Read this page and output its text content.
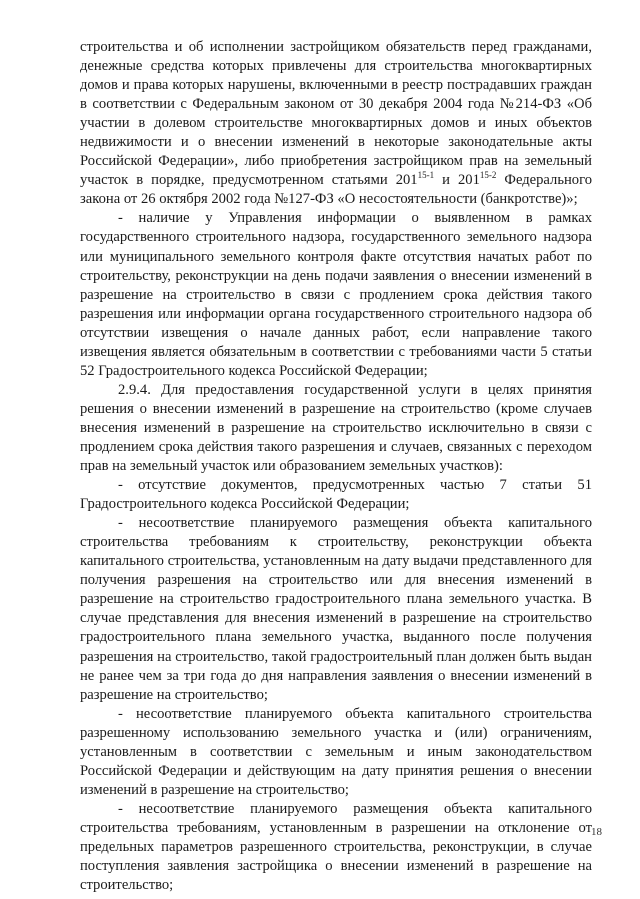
строительства и об исполнении застройщиком обязательств перед гражданами, денежные средства которых привлечены для строительства многоквартирных домов и права которых нарушены, включенными в реестр пострадавших граждан в соответствии с Федеральным законом от 30 декабря 2004 года №214-ФЗ «Об участии в долевом строительстве многоквартирных домов и иных объектов недвижимости и о внесении изменений в некоторые законодательные акты Российской Федерации», либо приобретения застройщиком прав на земельный участок в порядке, предусмотренном статьями 201$^{15-1}$ и 201$^{15-2}$ Федерального закона от 26 октября 2002 года №127-ФЗ «О несостоятельности (банкротстве)»;

- наличие у Управления информации о выявленном в рамках государственного строительного надзора, государственного земельного надзора или муниципального земельного контроля факте отсутствия начатых работ по строительству, реконструкции на день подачи заявления о внесении изменений в разрешение на строительство в связи с продлением срока действия такого разрешения или информации органа государственного строительного надзора об отсутствии извещения о начале данных работ, если направление такого извещения является обязательным в соответствии с требованиями части 5 статьи 52 Градостроительного кодекса Российской Федерации;

2.9.4. Для предоставления государственной услуги в целях принятия решения о внесении изменений в разрешение на строительство (кроме случаев внесения изменений в разрешение на строительство исключительно в связи с продлением срока действия такого разрешения и случаев, связанных с переходом прав на земельный участок или образованием земельных участков):

- отсутствие документов, предусмотренных частью 7 статьи 51 Градостроительного кодекса Российской Федерации;

- несоответствие планируемого размещения объекта капитального строительства требованиям к строительству, реконструкции объекта капитального строительства, установленным на дату выдачи представленного для получения разрешения на строительство или для внесения изменений в разрешение на строительство градостроительного плана земельного участка. В случае представления для внесения изменений в разрешение на строительство градостроительного плана земельного участка, выданного после получения разрешения на строительство, такой градостроительный план должен быть выдан не ранее чем за три года до дня направления заявления о внесении изменений в разрешение на строительство;

- несоответствие планируемого объекта капитального строительства разрешенному использованию земельного участка и (или) ограничениям, установленным в соответствии с земельным и иным законодательством Российской Федерации и действующим на дату принятия решения о внесении изменений в разрешение на строительство;

- несоответствие планируемого размещения объекта капитального строительства требованиям, установленным в разрешении на отклонение от предельных параметров разрешенного строительства, реконструкции, в случае поступления заявления застройщика о внесении изменений в разрешение на строительство;

18
